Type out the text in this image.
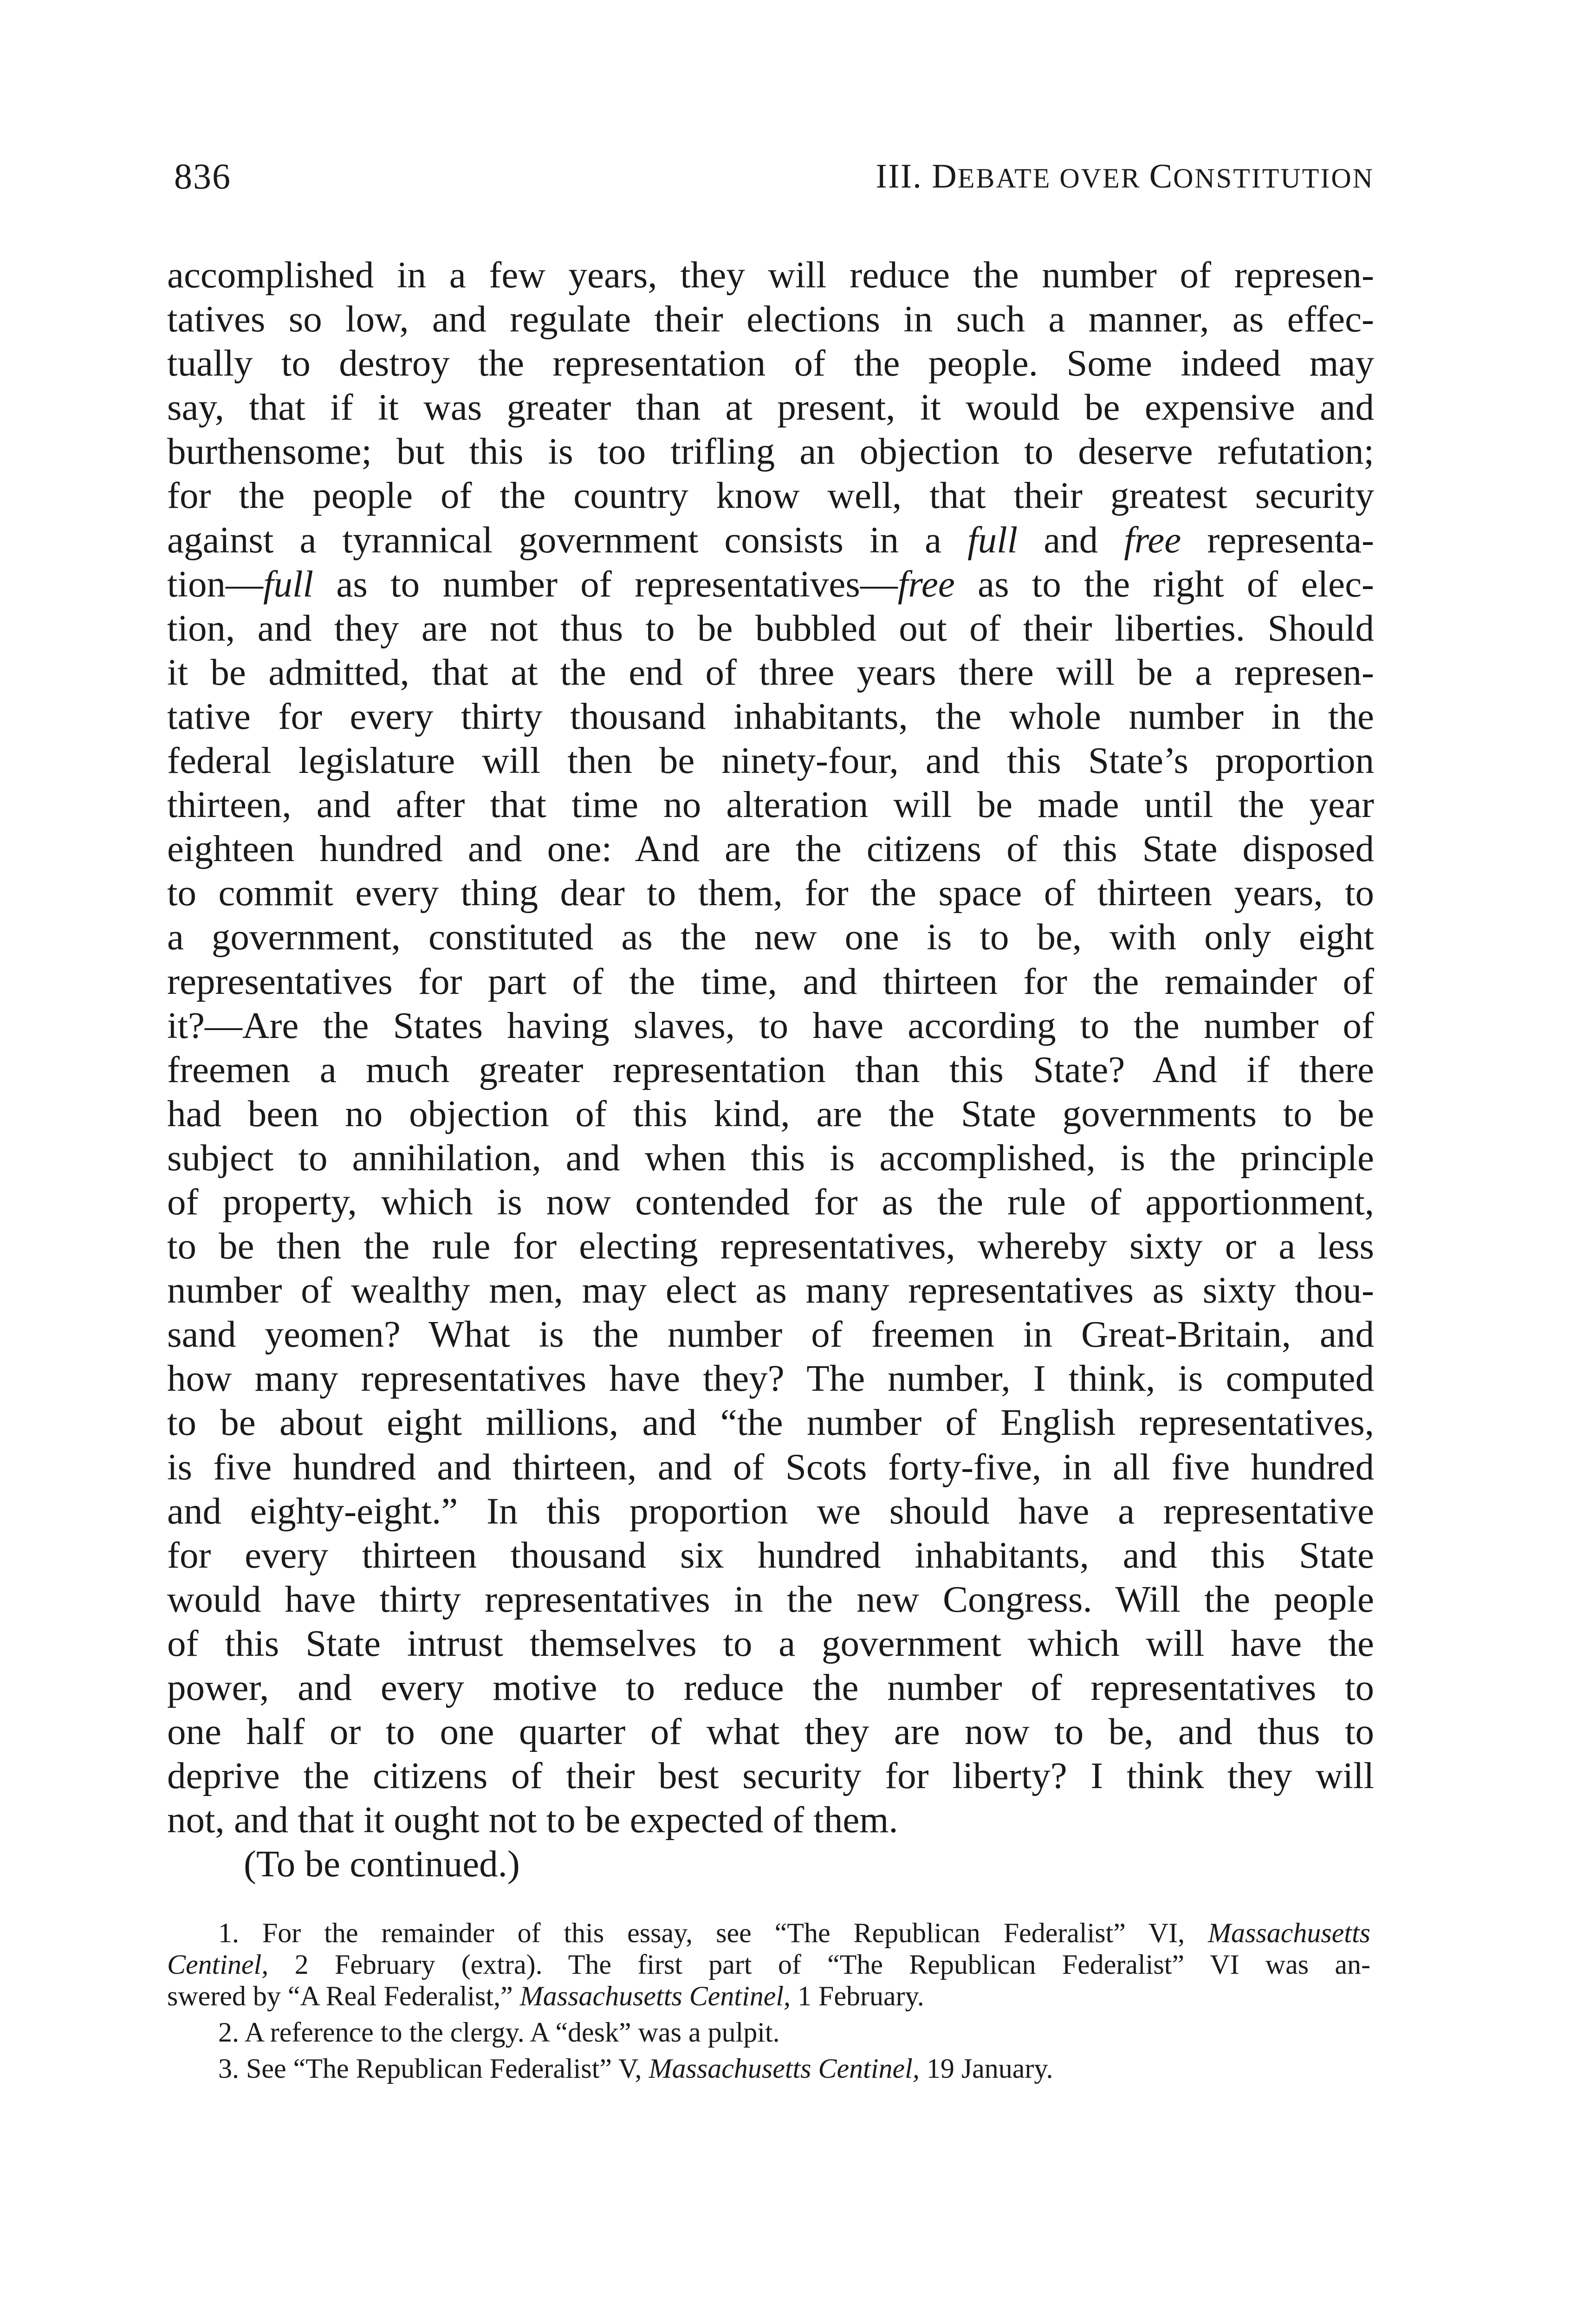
836	III. DEBATE OVER CONSTITUTION
accomplished in a few years, they will reduce the number of represen-
tatives so low, and regulate their elections in such a manner, as effec-
tually to destroy the representation of the people. Some indeed may
say, that if it was greater than at present, it would be expensive and
burthensome; but this is too trifling an objection to deserve refutation;
for the people of the country know well, that their greatest security
against a tyrannical government consists in a full and free representa-
tion—full as to number of representatives—free as to the right of elec-
tion, and they are not thus to be bubbled out of their liberties. Should
it be admitted, that at the end of three years there will be a represen-
tative for every thirty thousand inhabitants, the whole number in the
federal legislature will then be ninety-four, and this State’s proportion
thirteen, and after that time no alteration will be made until the year
eighteen hundred and one: And are the citizens of this State disposed
to commit every thing dear to them, for the space of thirteen years, to
a government, constituted as the new one is to be, with only eight
representatives for part of the time, and thirteen for the remainder of
it?—Are the States having slaves, to have according to the number of
freemen a much greater representation than this State? And if there
had been no objection of this kind, are the State governments to be
subject to annihilation, and when this is accomplished, is the principle
of property, which is now contended for as the rule of apportionment,
to be then the rule for electing representatives, whereby sixty or a less
number of wealthy men, may elect as many representatives as sixty thou-
sand yeomen? What is the number of freemen in Great-Britain, and
how many representatives have they? The number, I think, is computed
to be about eight millions, and “the number of English representatives,
is five hundred and thirteen, and of Scots forty-five, in all five hundred
and eighty-eight.” In this proportion we should have a representative
for every thirteen thousand six hundred inhabitants, and this State
would have thirty representatives in the new Congress. Will the people
of this State intrust themselves to a government which will have the
power, and every motive to reduce the number of representatives to
one half or to one quarter of what they are now to be, and thus to
deprive the citizens of their best security for liberty? I think they will
not, and that it ought not to be expected of them.
(To be continued.)
1. For the remainder of this essay, see “The Republican Federalist” VI, Massachusetts
Centinel, 2 February (extra). The first part of “The Republican Federalist” VI was an-
swered by “A Real Federalist,” Massachusetts Centinel, 1 February.
2. A reference to the clergy. A “desk” was a pulpit.
3. See “The Republican Federalist” V, Massachusetts Centinel, 19 January.
